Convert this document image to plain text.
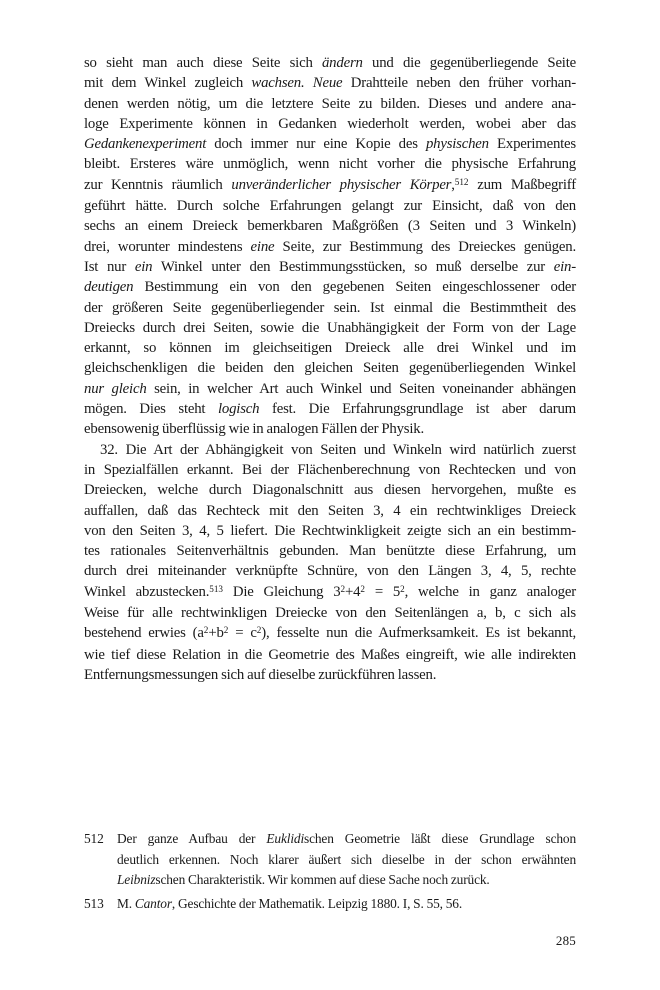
so sieht man auch diese Seite sich ändern und die gegenüberliegende Seite
mit dem Winkel zugleich wachsen. Neue Drahtteile neben den früher vorhan-
denen werden nötig, um die letztere Seite zu bilden. Dieses und andere ana-
loge Experimente können in Gedanken wiederholt werden, wobei aber das
Gedankenexperiment doch immer nur eine Kopie des physischen Experimentes
bleibt. Ersteres wäre unmöglich, wenn nicht vorher die physische Erfahrung
zur Kenntnis räumlich unveränderlicher physischer Körper,$^{512}$ zum Maßbegriff
geführt hätte. Durch solche Erfahrungen gelangt zur Einsicht, daß von den
sechs an einem Dreieck bemerkbaren Maßgrößen (3 Seiten und 3 Winkeln)
drei, worunter mindestens eine Seite, zur Bestimmung des Dreieckes genügen.
Ist nur ein Winkel unter den Bestimmungsstücken, so muß derselbe zur ein-
deutigen Bestimmung ein von den gegebenen Seiten eingeschlossener oder
der größeren Seite gegenüberliegender sein. Ist einmal die Bestimmtheit des
Dreiecks durch drei Seiten, sowie die Unabhängigkeit der Form von der Lage
erkannt, so können im gleichseitigen Dreieck alle drei Winkel und im
gleichschenkligen die beiden den gleichen Seiten gegenüberliegenden Winkel
nur gleich sein, in welcher Art auch Winkel und Seiten voneinander abhängen
mögen. Dies steht logisch fest. Die Erfahrungsgrundlage ist aber darum
ebensowenig überflüssig wie in analogen Fällen der Physik.
32. Die Art der Abhängigkeit von Seiten und Winkeln wird natürlich zuerst
in Spezialfällen erkannt. Bei der Flächenberechnung von Rechtecken und von
Dreiecken, welche durch Diagonalschnitt aus diesen hervorgehen, mußte es
auffallen, daß das Rechteck mit den Seiten 3, 4 ein rechtwinkliges Dreieck
von den Seiten 3, 4, 5 liefert. Die Rechtwinkligkeit zeigte sich an ein bestimm-
tes rationales Seitenverhältnis gebunden. Man benützte diese Erfahrung, um
durch drei miteinander verknüpfte Schnüre, von den Längen 3, 4, 5, rechte
Winkel abzustecken.$^{513}$ Die Gleichung $3^2+4^2 = 5^2$, welche in ganz analoger
Weise für alle rechtwinkligen Dreiecke von den Seitenlängen a, b, c sich als
bestehend erwies $(a^2+b^2 = c^2)$, fesselte nun die Aufmerksamkeit. Es ist bekannt,
wie tief diese Relation in die Geometrie des Maßes eingreift, wie alle indirekten
Entfernungsmessungen sich auf dieselbe zurückführen lassen.
512 Der ganze Aufbau der Euklidischen Geometrie läßt diese Grundlage schon
deutlich erkennen. Noch klarer äußert sich dieselbe in der schon erwähnten
Leibnizschen Charakteristik. Wir kommen auf diese Sache noch zurück.
513 M. Cantor, Geschichte der Mathematik. Leipzig 1880. I, S. 55, 56.
285
